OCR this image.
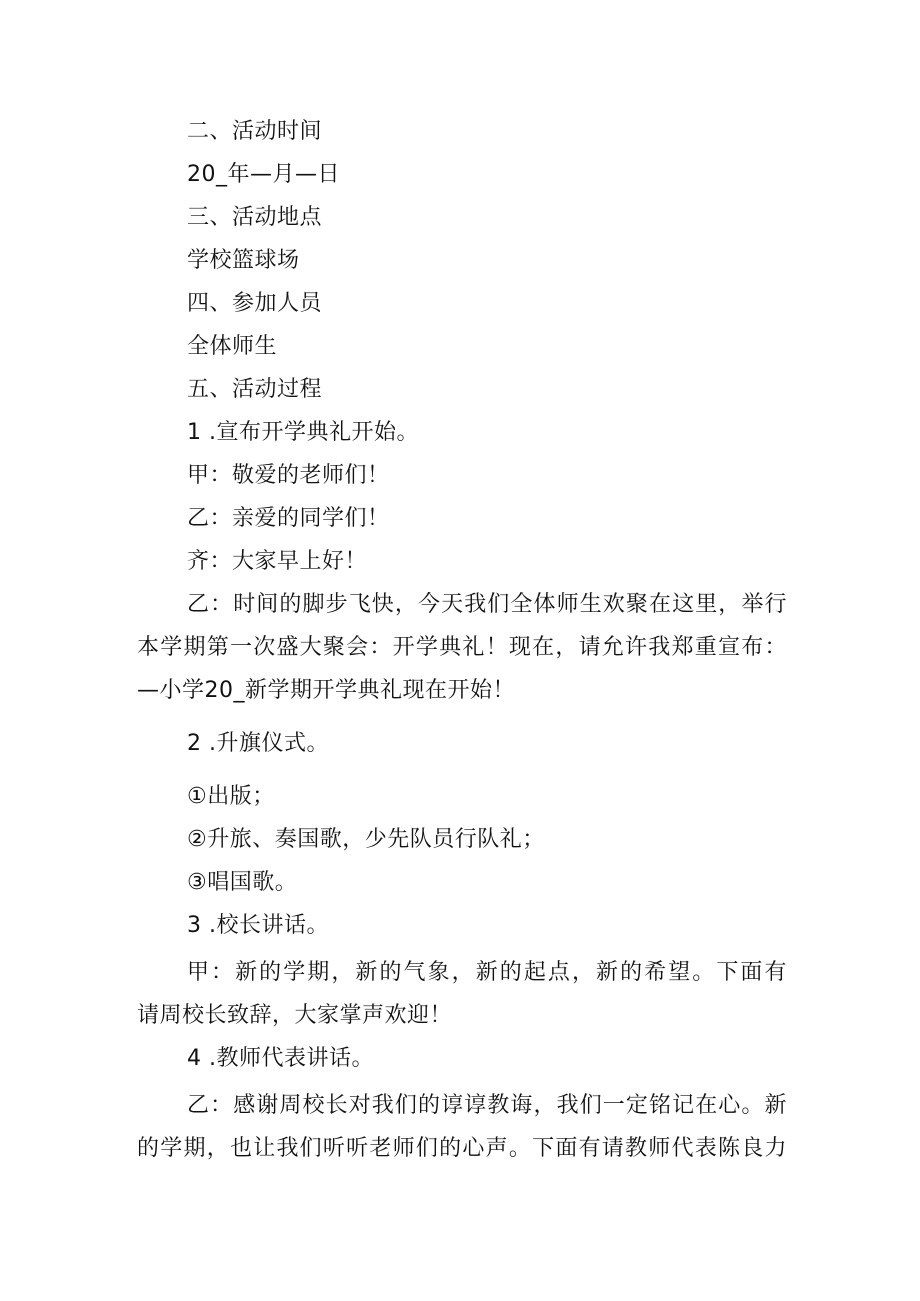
二、活动时间
20_年—月—日
三、活动地点
学校篮球场
四、参加人员
全体师生
五、活动过程
1 .宣布开学典礼开始。
甲：敬爱的老师们！
乙：亲爱的同学们！
齐：大家早上好！
乙：时间的脚步飞快，今天我们全体师生欢聚在这里，举行
本学期第一次盛大聚会：开学典礼！现在，请允许我郑重宣布：
—小学20_新学期开学典礼现在开始！
2 .升旗仪式。
①出版；
②升旅、奏国歌，少先队员行队礼；
③唱国歌。
3 .校长讲话。
甲：新的学期，新的气象，新的起点，新的希望。下面有
请周校长致辞，大家掌声欢迎！
4 .教师代表讲话。
乙：感谢周校长对我们的谆谆教诲，我们一定铭记在心。新
的学期，也让我们听听老师们的心声。下面有请教师代表陈良力
